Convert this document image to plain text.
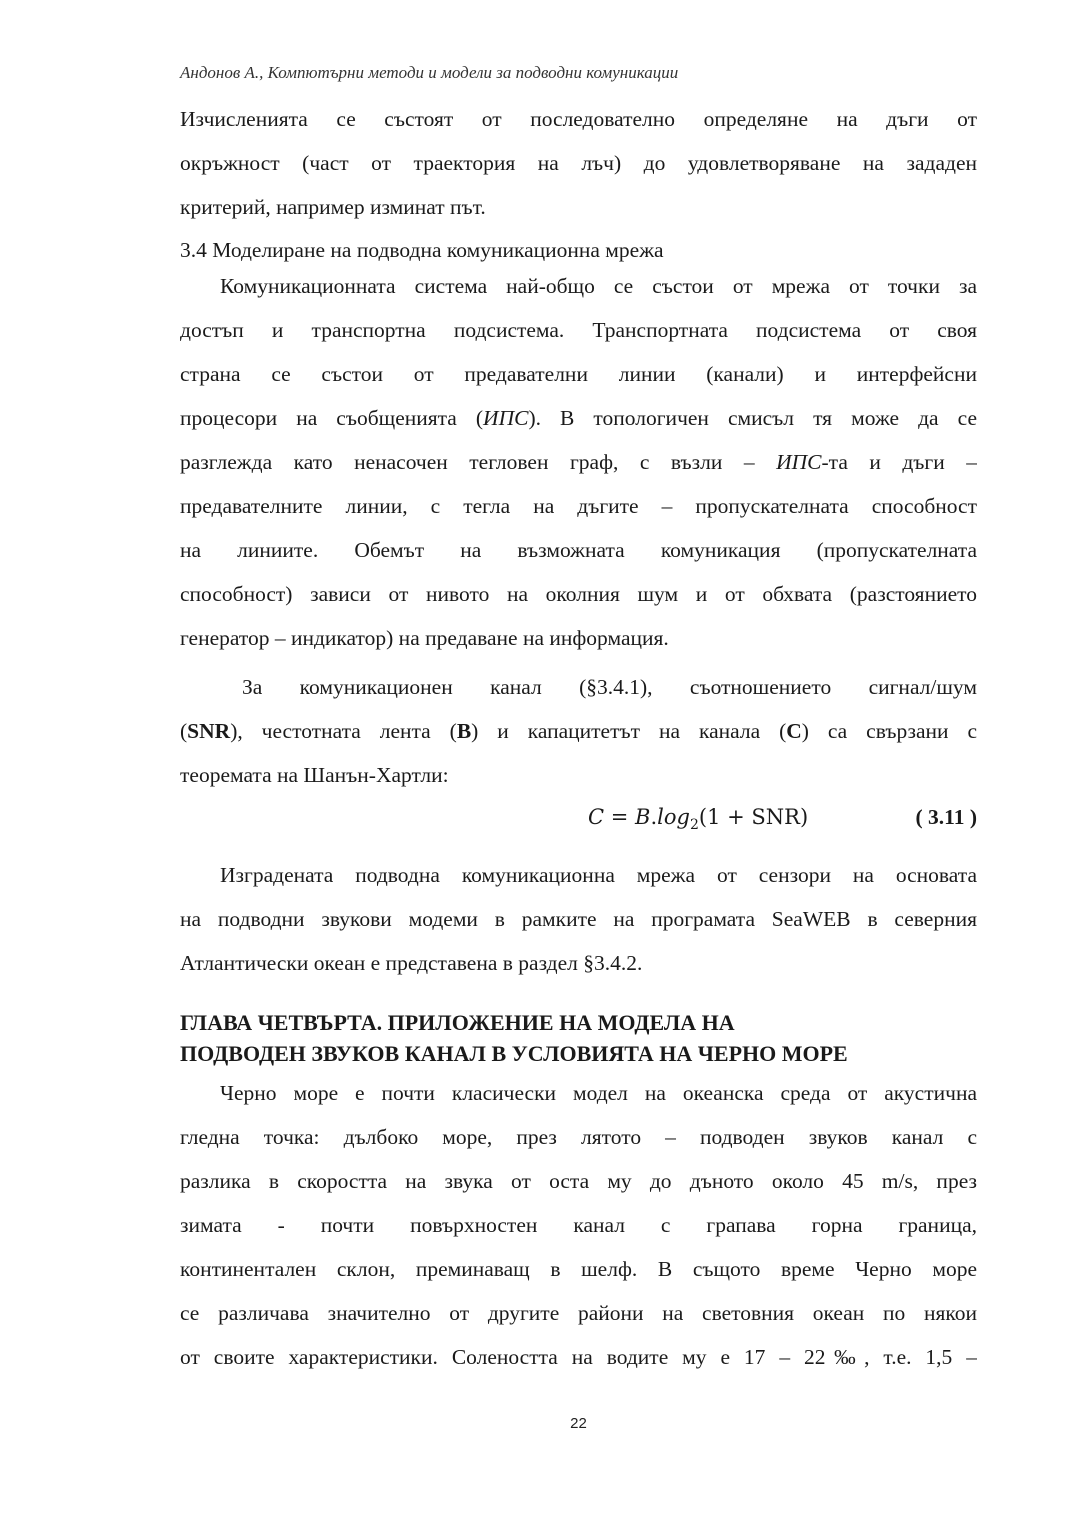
Андонов А., Компютърни методи и модели за подводни комуникации
Изчисленията се състоят от последователно определяне на дъги от
окръжност (част от траектория на лъч) до удовлетворяване на зададен
критерий, например изминат път.
3.4 Моделиране на подводна комуникационна мрежа
Комуникационната система най-общо се състои от мрежа от точки за
достъп и транспортна подсистема. Транспортната подсистема от своя
страна се състои от предавателни линии (канали) и интерфейсни
процесори на съобщенията (ИПС). В топологичен смисъл тя може да се
разглежда като ненасочен тегловен граф, с възли – ИПС-та и дъги –
предавателните линии, с тегла на дъгите – пропускателната способност
на линиите. Обемът на възможната комуникация (пропускателната
способност) зависи от нивото на околния шум и от обхвата (разстоянието
генератор – индикатор) на предаване на информация.
За комуникационен канал (§3.4.1), съотношението сигнал/шум
(SNR), честотната лента (B) и капацитетът на канала (C) са свързани с
теоремата на Шанън-Хартли:
$C = B.\log_2(1 + SNR)$	( 3.11 )
Изградената подводна комуникационна мрежа от сензори на основата
на подводни звукови модеми в рамките на програмата SeaWEB в северния
Атлантически океан е представена в раздел §3.4.2.
ГЛАВА ЧЕТВЪРТА. ПРИЛОЖЕНИЕ НА МОДЕЛА НА
ПОДВОДЕН ЗВУКОВ КАНАЛ В УСЛОВИЯТА НА ЧЕРНО МОРЕ
Черно море е почти класически модел на океанска среда от акустична
гледна точка: дълбоко море, през лятото – подводен звуков канал с
разлика в скоростта на звука от оста му до дъното около 45 m/s, през
зимата - почти повърхностен канал с грапава горна граница,
континентален склон, преминаващ в шелф. В същото време Черно море
се различава значително от другите райони на световния океан по някои
от своите характеристики. Солеността на водите му е 17 – 22‰, т.е. 1,5 –
22
